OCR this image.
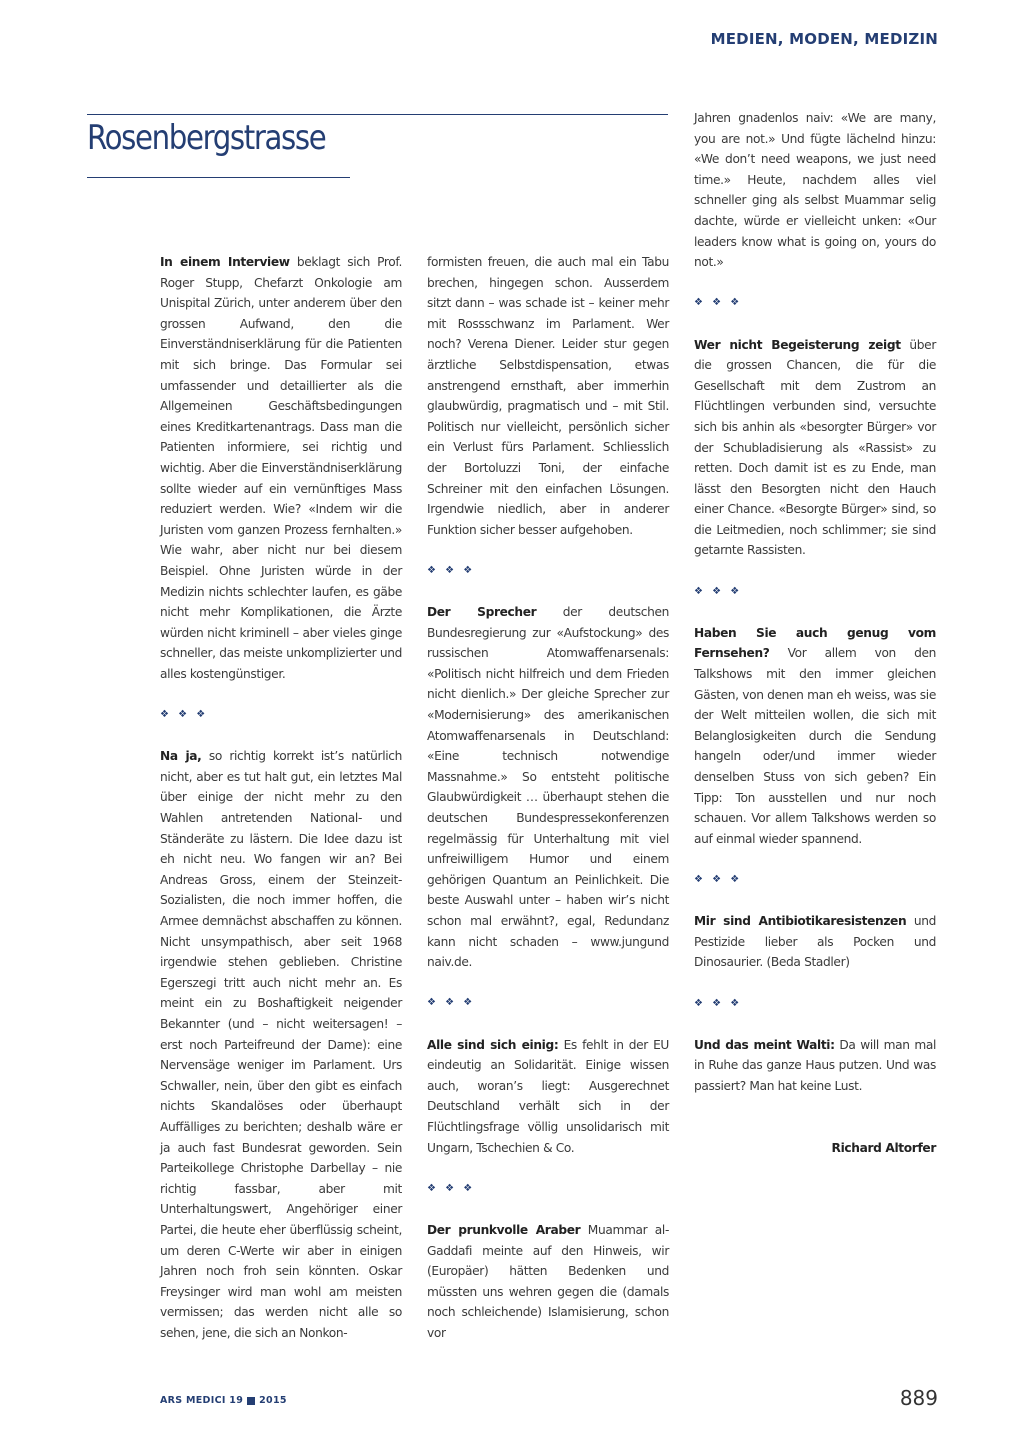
MEDIEN, MODEN, MEDIZIN
Rosenbergstrasse

In einem Interview beklagt sich Prof. Roger Stupp, Chefarzt Onkologie am Unispital Zürich, unter anderem über den grossen Aufwand, den die Einverständniserklärung für die Patienten mit sich bringe. Das Formular sei umfassender und detaillierter als die Allgemeinen Geschäftsbedingungen eines Kreditkartenantrags. Dass man die Patienten informiere, sei richtig und wichtig. Aber die Einverständniserklärung sollte wieder auf ein vernünftiges Mass reduziert werden. Wie? «Indem wir die Juristen vom ganzen Prozess fernhalten.» Wie wahr, aber nicht nur bei diesem Beispiel. Ohne Juristen würde in der Medizin nichts schlechter laufen, es gäbe nicht mehr Komplikationen, die Ärzte würden nicht kriminell – aber vieles ginge schneller, das meiste unkomplizierter und alles kostengünstiger.

❖ ❖ ❖

Na ja, so richtig korrekt ist’s natürlich nicht, aber es tut halt gut, ein letztes Mal über einige der nicht mehr zu den Wahlen antretenden National- und Ständeräte zu lästern. Die Idee dazu ist eh nicht neu. Wo fangen wir an? Bei Andreas Gross, einem der Steinzeit-Sozialisten, die noch immer hoffen, die Armee demnächst abschaffen zu können. Nicht unsympathisch, aber seit 1968 irgendwie stehen geblieben. Christine Egerszegi tritt auch nicht mehr an. Es meint ein zu Boshaftigkeit neigender Bekannter (und – nicht weitersagen! – erst noch Parteifreund der Dame): eine Nervensäge weniger im Parlament. Urs Schwaller, nein, über den gibt es einfach nichts Skandalöses oder überhaupt Auffälliges zu berichten; deshalb wäre er ja auch fast Bundesrat geworden. Sein Parteikollege Christophe Darbellay – nie richtig fassbar, aber mit Unterhaltungswert, Angehöriger einer Partei, die heute eher überflüssig scheint, um deren C-Werte wir aber in einigen Jahren noch froh sein könnten. Oskar Freysinger wird man wohl am meisten vermissen; das werden nicht alle so sehen, jene, die sich an Nonkon-

formisten freuen, die auch mal ein Tabu brechen, hingegen schon. Ausserdem sitzt dann – was schade ist – keiner mehr mit Rossschwanz im Parlament. Wer noch? Verena Diener. Leider stur gegen ärztliche Selbstdispensation, etwas anstrengend ernsthaft, aber immerhin glaubwürdig, pragmatisch und – mit Stil. Politisch nur vielleicht, persönlich sicher ein Verlust fürs Parlament. Schliesslich der Bortoluzzi Toni, der einfache Schreiner mit den einfachen Lösungen. Irgendwie niedlich, aber in anderer Funktion sicher besser aufgehoben.

❖ ❖ ❖

Der Sprecher der deutschen Bundesregierung zur «Aufstockung» des russischen Atomwaffenarsenals: «Politisch nicht hilfreich und dem Frieden nicht dienlich.» Der gleiche Sprecher zur «Modernisierung» des amerikanischen Atomwaffenarsenals in Deutschland: «Eine technisch notwendige Massnahme.» So entsteht politische Glaubwürdigkeit … überhaupt stehen die deutschen Bundespressekonferenzen regelmässig für Unterhaltung mit viel unfreiwilligem Humor und einem gehörigen Quantum an Peinlichkeit. Die beste Auswahl unter – haben wir’s nicht schon mal erwähnt?, egal, Redundanz kann nicht schaden – www.jungund naiv.de.

❖ ❖ ❖

Alle sind sich einig: Es fehlt in der EU eindeutig an Solidarität. Einige wissen auch, woran’s liegt: Ausgerechnet Deutschland verhält sich in der Flüchtlingsfrage völlig unsolidarisch mit Ungarn, Tschechien & Co.

❖ ❖ ❖

Der prunkvolle Araber Muammar al-Gaddafi meinte auf den Hinweis, wir (Europäer) hätten Bedenken und müssten uns wehren gegen die (damals noch schleichende) Islamisierung, schon vor

Jahren gnadenlos naiv: «We are many, you are not.» Und fügte lächelnd hinzu: «We don’t need weapons, we just need time.» Heute, nachdem alles viel schneller ging als selbst Muammar selig dachte, würde er vielleicht unken: «Our leaders know what is going on, yours do not.»

❖ ❖ ❖

Wer nicht Begeisterung zeigt über die grossen Chancen, die für die Gesellschaft mit dem Zustrom an Flüchtlingen verbunden sind, versuchte sich bis anhin als «besorgter Bürger» vor der Schubladisierung als «Rassist» zu retten. Doch damit ist es zu Ende, man lässt den Besorgten nicht den Hauch einer Chance. «Besorgte Bürger» sind, so die Leitmedien, noch schlimmer; sie sind getarnte Rassisten.

❖ ❖ ❖

Haben Sie auch genug vom Fernsehen? Vor allem von den Talkshows mit den immer gleichen Gästen, von denen man eh weiss, was sie der Welt mitteilen wollen, die sich mit Belanglosigkeiten durch die Sendung hangeln oder/und immer wieder denselben Stuss von sich geben? Ein Tipp: Ton ausstellen und nur noch schauen. Vor allem Talkshows werden so auf einmal wieder spannend.

❖ ❖ ❖

Mir sind Antibiotikaresistenzen und Pestizide lieber als Pocken und Dinosaurier. (Beda Stadler)

❖ ❖ ❖

Und das meint Walti: Da will man mal in Ruhe das ganze Haus putzen. Und was passiert? Man hat keine Lust.

Richard Altorfer
ARS MEDICI 19 2015	889
